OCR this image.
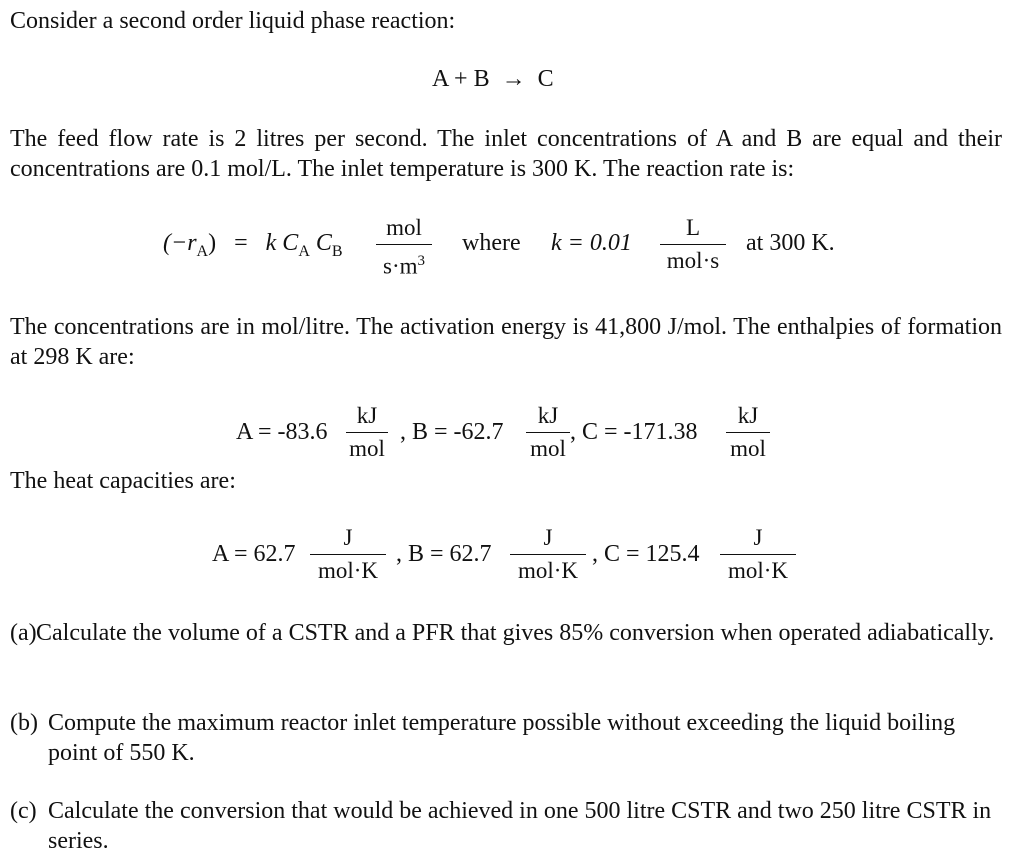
Consider a second order liquid phase reaction:
A + B → C
The feed flow rate is 2 litres per second. The inlet concentrations of A and B are equal and their concentrations are 0.1 mol/L. The inlet temperature is 300 K. The reaction rate is:
$(-r_A) = k$ $C_A$ $C_B$
mol
$s\cdot m^3$
where k = 0.01
L
mol·s
at 300 K.
The concentrations are in mol/litre. The activation energy is 41,800 J/mol. The enthalpies of formation at 298 K are:
A = -83.6
kJ
mol
, B = -62.7
kJ
mol
, C = -171.38
kJ
mol
The heat capacities are:
A = 62.7
J
mol·K
, B = 62.7
J
mol·K
, C = 125.4
J
mol·K
(a) Calculate the volume of a CSTR and a PFR that gives 85% conversion when operated adiabatically.
(b) Compute the maximum reactor inlet temperature possible without exceeding the liquid boiling point of 550 K.
(c) Calculate the conversion that would be achieved in one 500 litre CSTR and two 250 litre CSTR in series.
